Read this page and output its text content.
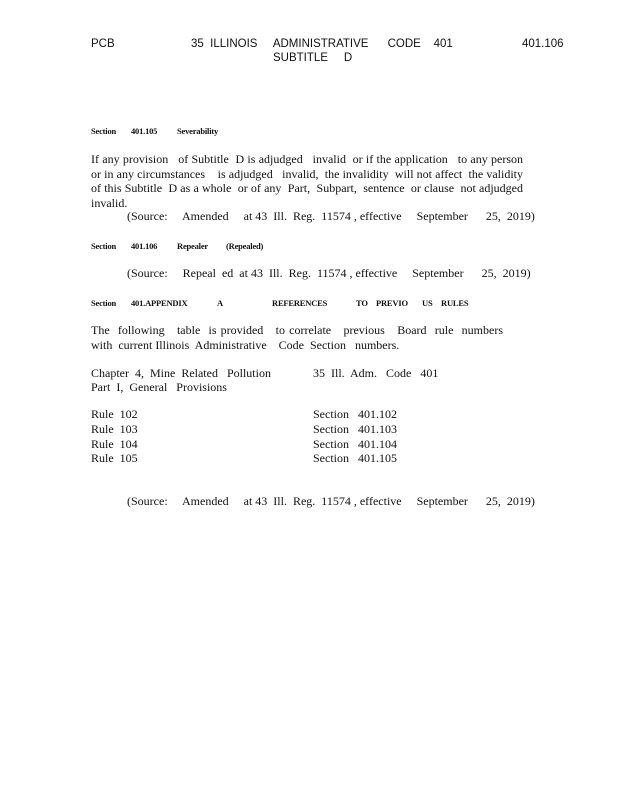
PCB	35  ILLINOIS     ADMINISTRATIVE      CODE    401	401.106
SUBTITLE     D
Section 401.105 Severability
If any provision   of Subtitle  D is adjudged   invalid  or if the application   to any person  or in any circumstances    is adjudged   invalid,  the invalidity  will not affect  the validity  of this Subtitle  D as a whole  or of any  Part,  Subpart,  sentence  or clause  not adjudged  invalid.
(Source:     Amended     at 43  Ill.  Reg.  11574 , effective     September      25,  2019)
Section 401.106 Repealer (Repealed)
(Source:     Repeal  ed  at 43  Ill.  Reg.  11574 , effective     September      25,  2019)
Section 401.APPENDIX	A	REFERENCES	TO PREVIO US RULES
The  following   table  is provided   to correlate   previous   Board  rule  numbers   with  current Illinois  Administrative    Code  Section   numbers.
Chapter  4,  Mine  Related   Pollution
Part  I,  General   Provisions
35  Ill.  Adm.   Code   401
Rule  102	Section   401.102
Rule  103	Section   401.103
Rule  104	Section   401.104
Rule  105	Section   401.105
(Source:     Amended     at 43  Ill.  Reg.  11574 , effective     September      25,  2019)
